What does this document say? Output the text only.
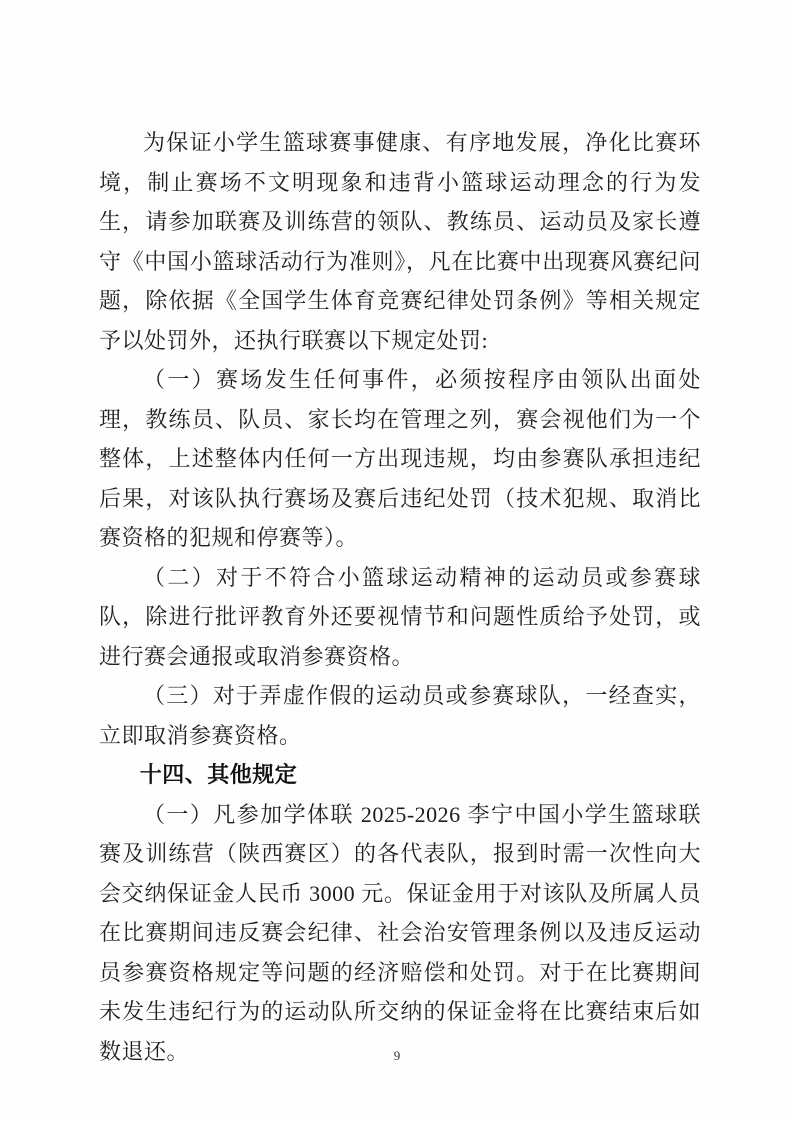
为保证小学生篮球赛事健康、有序地发展，净化比赛环境，制止赛场不文明现象和违背小篮球运动理念的行为发生，请参加联赛及训练营的领队、教练员、运动员及家长遵守《中国小篮球活动行为准则》，凡在比赛中出现赛风赛纪问题，除依据《全国学生体育竞赛纪律处罚条例》等相关规定予以处罚外，还执行联赛以下规定处罚:

（一）赛场发生任何事件，必须按程序由领队出面处理，教练员、队员、家长均在管理之列，赛会视他们为一个整体，上述整体内任何一方出现违规，均由参赛队承担违纪后果，对该队执行赛场及赛后违纪处罚（技术犯规、取消比赛资格的犯规和停赛等）。

（二）对于不符合小篮球运动精神的运动员或参赛球队，除进行批评教育外还要视情节和问题性质给予处罚，或进行赛会通报或取消参赛资格。

（三）对于弄虚作假的运动员或参赛球队，一经查实，立即取消参赛资格。

十四、其他规定

（一）凡参加学体联 2025-2026 李宁中国小学生篮球联赛及训练营（陕西赛区）的各代表队，报到时需一次性向大会交纳保证金人民币 3000 元。保证金用于对该队及所属人员在比赛期间违反赛会纪律、社会治安管理条例以及违反运动员参赛资格规定等问题的经济赔偿和处罚。对于在比赛期间未发生违纪行为的运动队所交纳的保证金将在比赛结束后如数退还。	9
